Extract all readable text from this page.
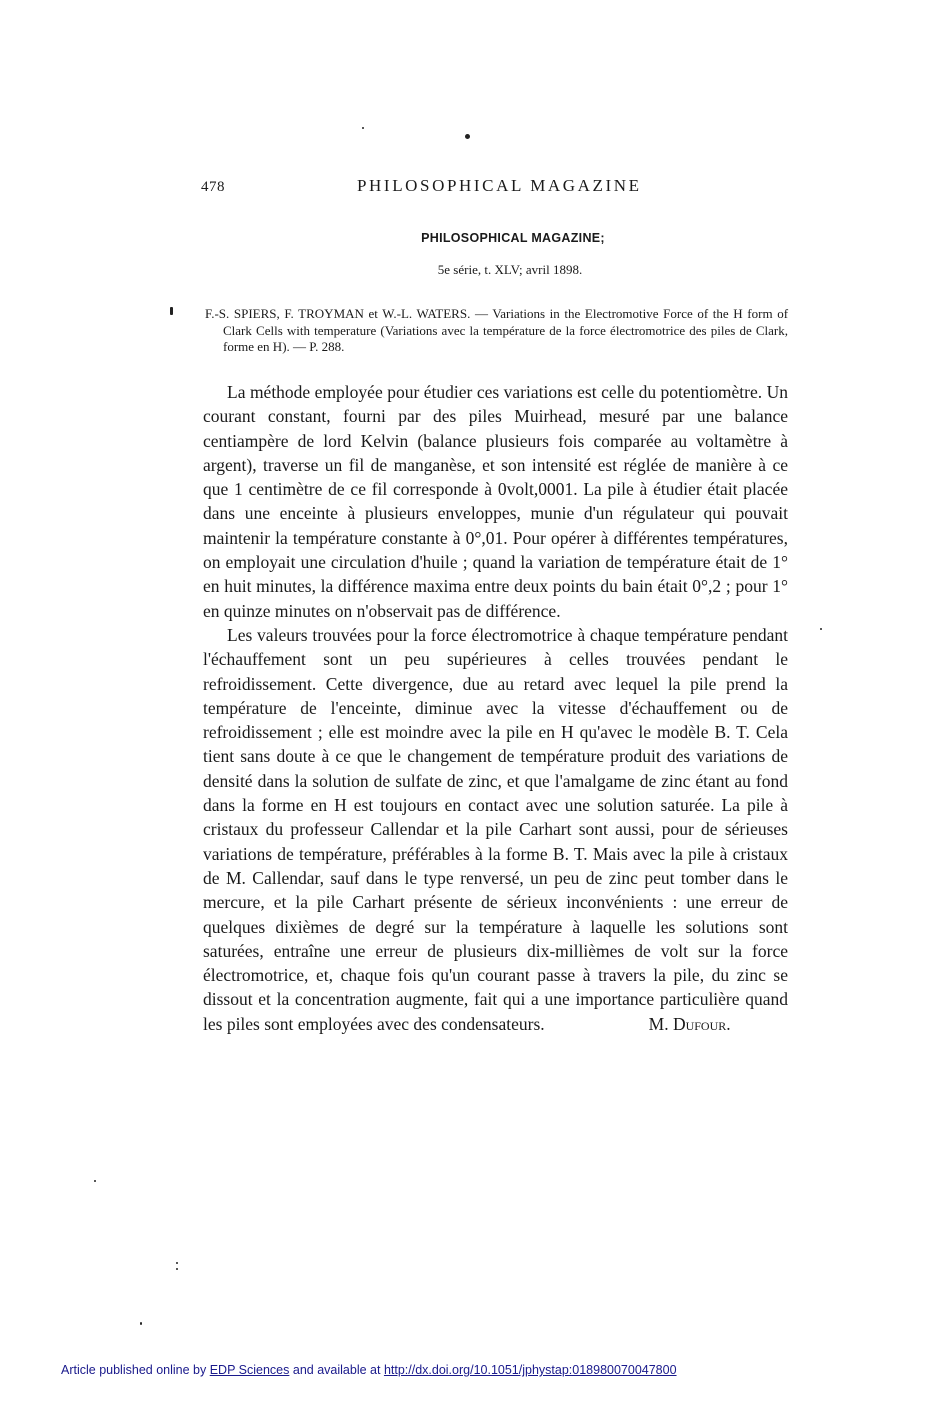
478	PHILOSOPHICAL MAGAZINE
PHILOSOPHICAL MAGAZINE;
5e série, t. XLV; avril 1898.
F.-S. SPIERS, F. TROYMAN et W.-L. WATERS. — Variations in the Electromotive Force of the H form of Clark Cells with temperature (Variations avec la température de la force électromotrice des piles de Clark, forme en H). — P. 288.

La méthode employée pour étudier ces variations est celle du potentiomètre. Un courant constant, fourni par des piles Muirhead, mesuré par une balance centiampère de lord Kelvin (balance plusieurs fois comparée au voltamètre à argent), traverse un fil de manganèse, et son intensité est réglée de manière à ce que 1 centimètre de ce fil corresponde à 0volt,0001. La pile à étudier était placée dans une enceinte à plusieurs enveloppes, munie d'un régulateur qui pouvait maintenir la température constante à 0°,01. Pour opérer à différentes températures, on employait une circulation d'huile ; quand la variation de température était de 1° en huit minutes, la différence maxima entre deux points du bain était 0°,2 ; pour 1° en quinze minutes on n'observait pas de différence.

Les valeurs trouvées pour la force électromotrice à chaque température pendant l'échauffement sont un peu supérieures à celles trouvées pendant le refroidissement. Cette divergence, due au retard avec lequel la pile prend la température de l'enceinte, diminue avec la vitesse d'échauffement ou de refroidissement ; elle est moindre avec la pile en H qu'avec le modèle B. T. Cela tient sans doute à ce que le changement de température produit des variations de densité dans la solution de sulfate de zinc, et que l'amalgame de zinc étant au fond dans la forme en H est toujours en contact avec une solution saturée. La pile à cristaux du professeur Callendar et la pile Carhart sont aussi, pour de sérieuses variations de température, préférables à la forme B. T. Mais avec la pile à cristaux de M. Callendar, sauf dans le type renversé, un peu de zinc peut tomber dans le mercure, et la pile Carhart présente de sérieux inconvénients : une erreur de quelques dixièmes de degré sur la température à laquelle les solutions sont saturées, entraîne une erreur de plusieurs dix-millièmes de volt sur la force électromotrice, et, chaque fois qu'un courant passe à travers la pile, du zinc se dissout et la concentration augmente, fait qui a une importance particulière quand les piles sont employées avec des condensateurs.	M. Dufour.

Article published online by EDP Sciences and available at http://dx.doi.org/10.1051/jphystap:018980070047800
